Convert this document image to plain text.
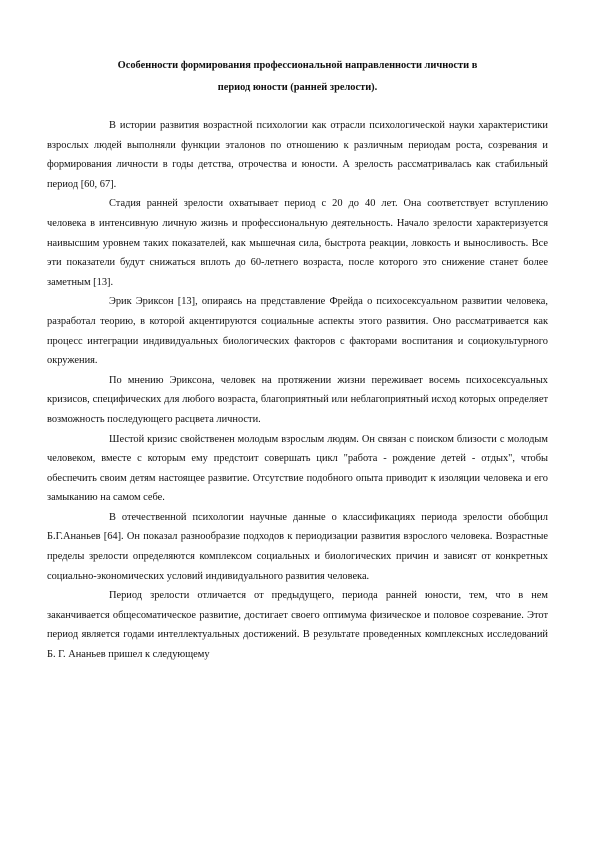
Особенности формирования профессиональной направленности личности в
период юности (ранней зрелости).

В истории развития возрастной психологии как отрасли психологической науки характеристики взрослых людей выполняли функции эталонов по отношению к различным периодам роста, созревания и формирования личности в годы детства, отрочества и юности. А зрелость рассматривалась как стабильный период [60, 67].

Стадия ранней зрелости охватывает период с 20 до 40 лет. Она соответствует вступлению человека в интенсивную личную жизнь и профессиональную деятельность. Начало зрелости характеризуется наивысшим уровнем таких показателей, как мышечная сила, быстрота реакции, ловкость и выносливость. Все эти показатели будут снижаться вплоть до 60-летнего возраста, после которого это снижение станет более заметным [13].

Эрик Эриксон [13], опираясь на представление Фрейда о психосексуальном развитии человека, разработал теорию, в которой акцентируются социальные аспекты этого развития. Оно рассматривается как процесс интеграции индивидуальных биологических факторов с факторами воспитания и социокультурного окружения.

По мнению Эриксона, человек на протяжении жизни переживает восемь психосексуальных кризисов, специфических для любого возраста, благоприятный или неблагоприятный исход которых определяет возможность последующего расцвета личности.

Шестой кризис свойственен молодым взрослым людям. Он связан с поиском близости с молодым человеком, вместе с которым ему предстоит совершать цикл "работа - рождение детей - отдых", чтобы обеспечить своим детям настоящее развитие. Отсутствие подобного опыта приводит к изоляции человека и его замыканию на самом себе.

В отечественной психологии научные данные о классификациях периода зрелости обобщил Б.Г.Ананьев [64]. Он показал разнообразие подходов к периодизации развития взрослого человека. Возрастные пределы зрелости определяются комплексом социальных и биологических причин и зависят от конкретных социально-экономических условий индивидуального развития человека.

Период зрелости отличается от предыдущего, периода ранней юности, тем, что в нем заканчивается общесоматическое развитие, достигает своего оптимума физическое и половое созревание. Этот период является годами интеллектуальных достижений. В результате проведенных комплексных исследований Б. Г. Ананьев пришел к следующему
